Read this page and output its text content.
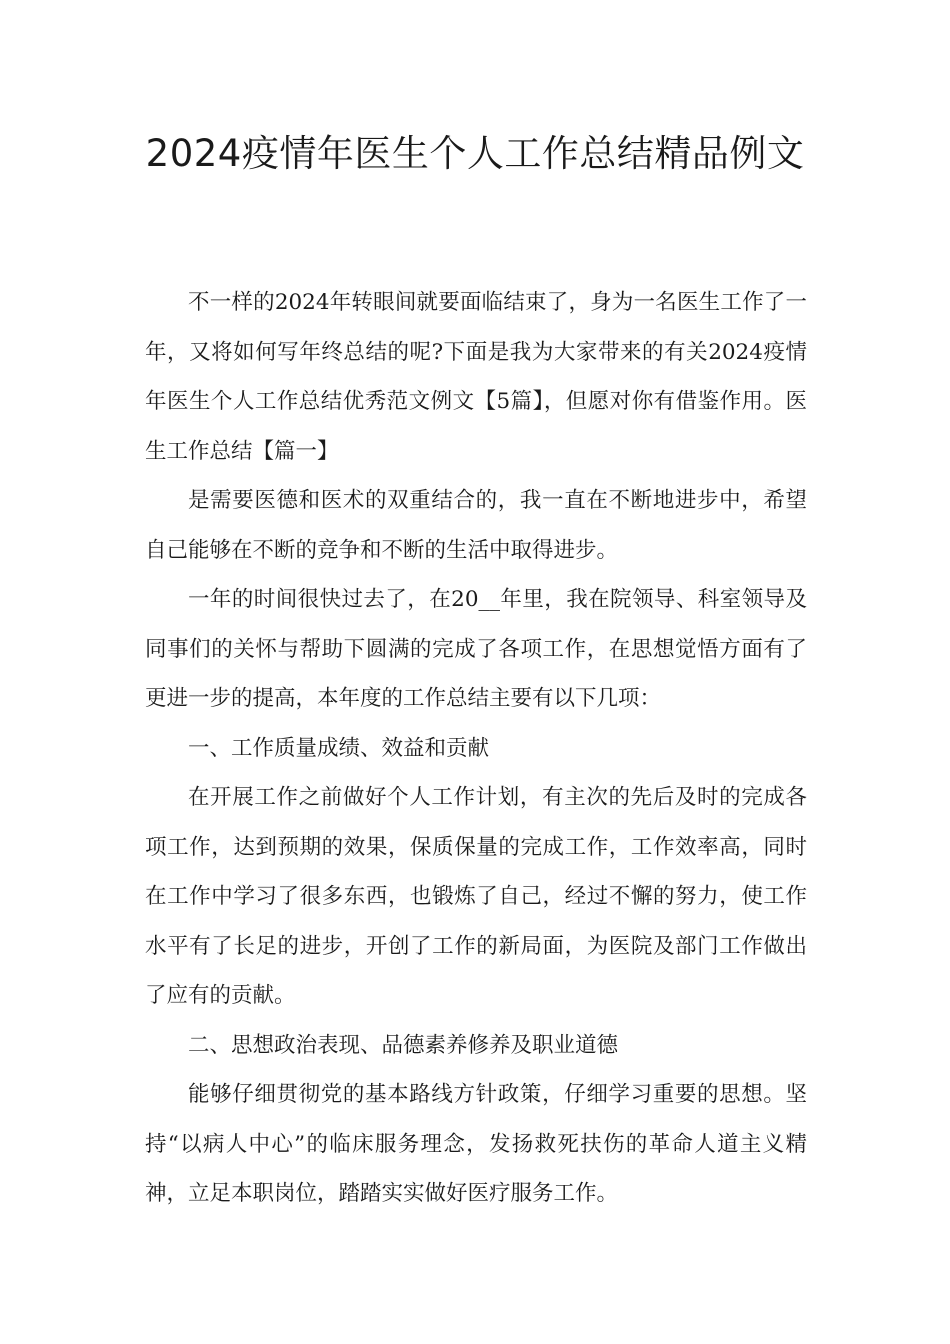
2024疫情年医生个人工作总结精品例文

不一样的2024年转眼间就要面临结束了，身为一名医生工作了一年，又将如何写年终总结的呢?下面是我为大家带来的有关2024疫情年医生个人工作总结优秀范文例文【5篇】，但愿对你有借鉴作用。医生工作总结【篇一】

是需要医德和医术的双重结合的，我一直在不断地进步中，希望自己能够在不断的竞争和不断的生活中取得进步。

一年的时间很快过去了，在20__年里，我在院领导、科室领导及同事们的关怀与帮助下圆满的完成了各项工作，在思想觉悟方面有了更进一步的提高，本年度的工作总结主要有以下几项：

一、工作质量成绩、效益和贡献

在开展工作之前做好个人工作计划，有主次的先后及时的完成各项工作，达到预期的效果，保质保量的完成工作，工作效率高，同时在工作中学习了很多东西，也锻炼了自己，经过不懈的努力，使工作水平有了长足的进步，开创了工作的新局面，为医院及部门工作做出了应有的贡献。

二、思想政治表现、品德素养修养及职业道德

能够仔细贯彻党的基本路线方针政策，仔细学习重要的思想。坚持“以病人中心”的临床服务理念，发扬救死扶伤的革命人道主义精神，立足本职岗位，踏踏实实做好医疗服务工作。
